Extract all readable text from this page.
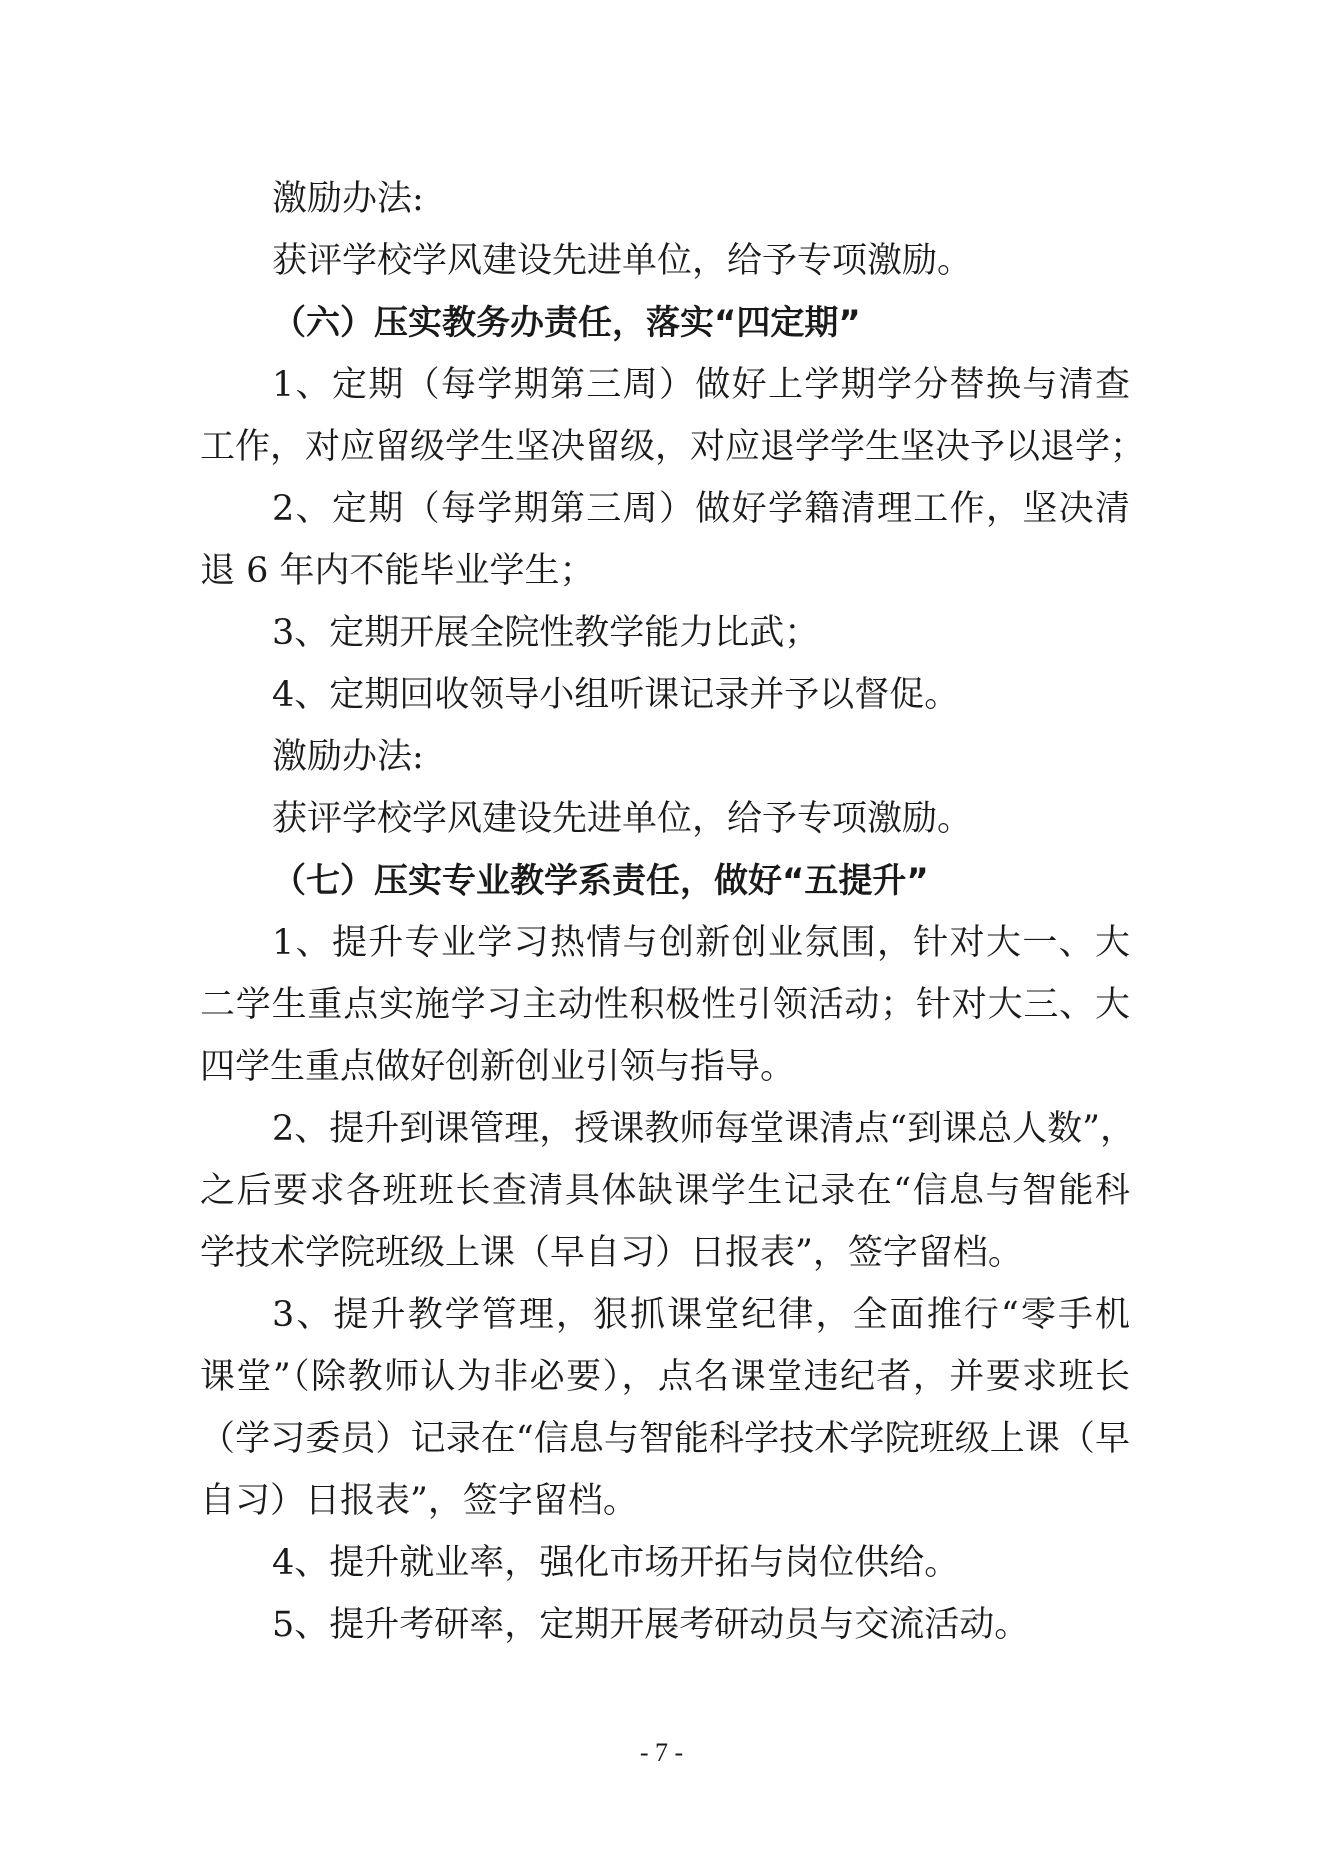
激励办法:
获评学校学风建设先进单位，给予专项激励。
（六）压实教务办责任，落实“四定期”
1、定期（每学期第三周）做好上学期学分替换与清查
工作，对应留级学生坚决留级，对应退学学生坚决予以退学；
2、定期（每学期第三周）做好学籍清理工作，坚决清
退 6 年内不能毕业学生；
3、定期开展全院性教学能力比武；
4、定期回收领导小组听课记录并予以督促。
激励办法:
获评学校学风建设先进单位，给予专项激励。
（七）压实专业教学系责任，做好“五提升”
1、提升专业学习热情与创新创业氛围，针对大一、大
二学生重点实施学习主动性积极性引领活动；针对大三、大
四学生重点做好创新创业引领与指导。
2、提升到课管理，授课教师每堂课清点“到课总人数”，
之后要求各班班长查清具体缺课学生记录在“信息与智能科
学技术学院班级上课（早自习）日报表”，签字留档。
3、提升教学管理，狠抓课堂纪律，全面推行“零手机
课堂”（除教师认为非必要），点名课堂违纪者，并要求班长
（学习委员）记录在“信息与智能科学技术学院班级上课（早
自习）日报表”，签字留档。
4、提升就业率，强化市场开拓与岗位供给。
5、提升考研率，定期开展考研动员与交流活动。
- 7 -
